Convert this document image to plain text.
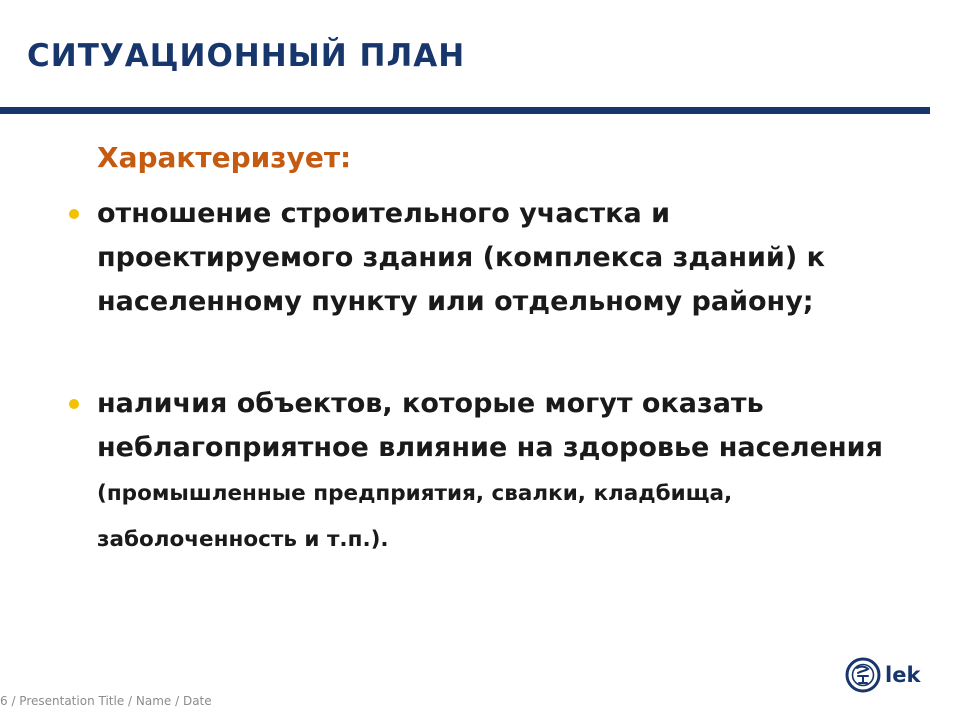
СИТУАЦИОННЫЙ ПЛАН
Характеризует:

отношение строительного участка и проектируемого здания (комплекса зданий) к населенному пункту или отдельному району;

наличия объектов, которые могут оказать неблагоприятное влияние на здоровье населения (промышленные предприятия, свалки, кладбища, заболоченность и т.п.).

6 / Presentation Title / Name / Date
lek
